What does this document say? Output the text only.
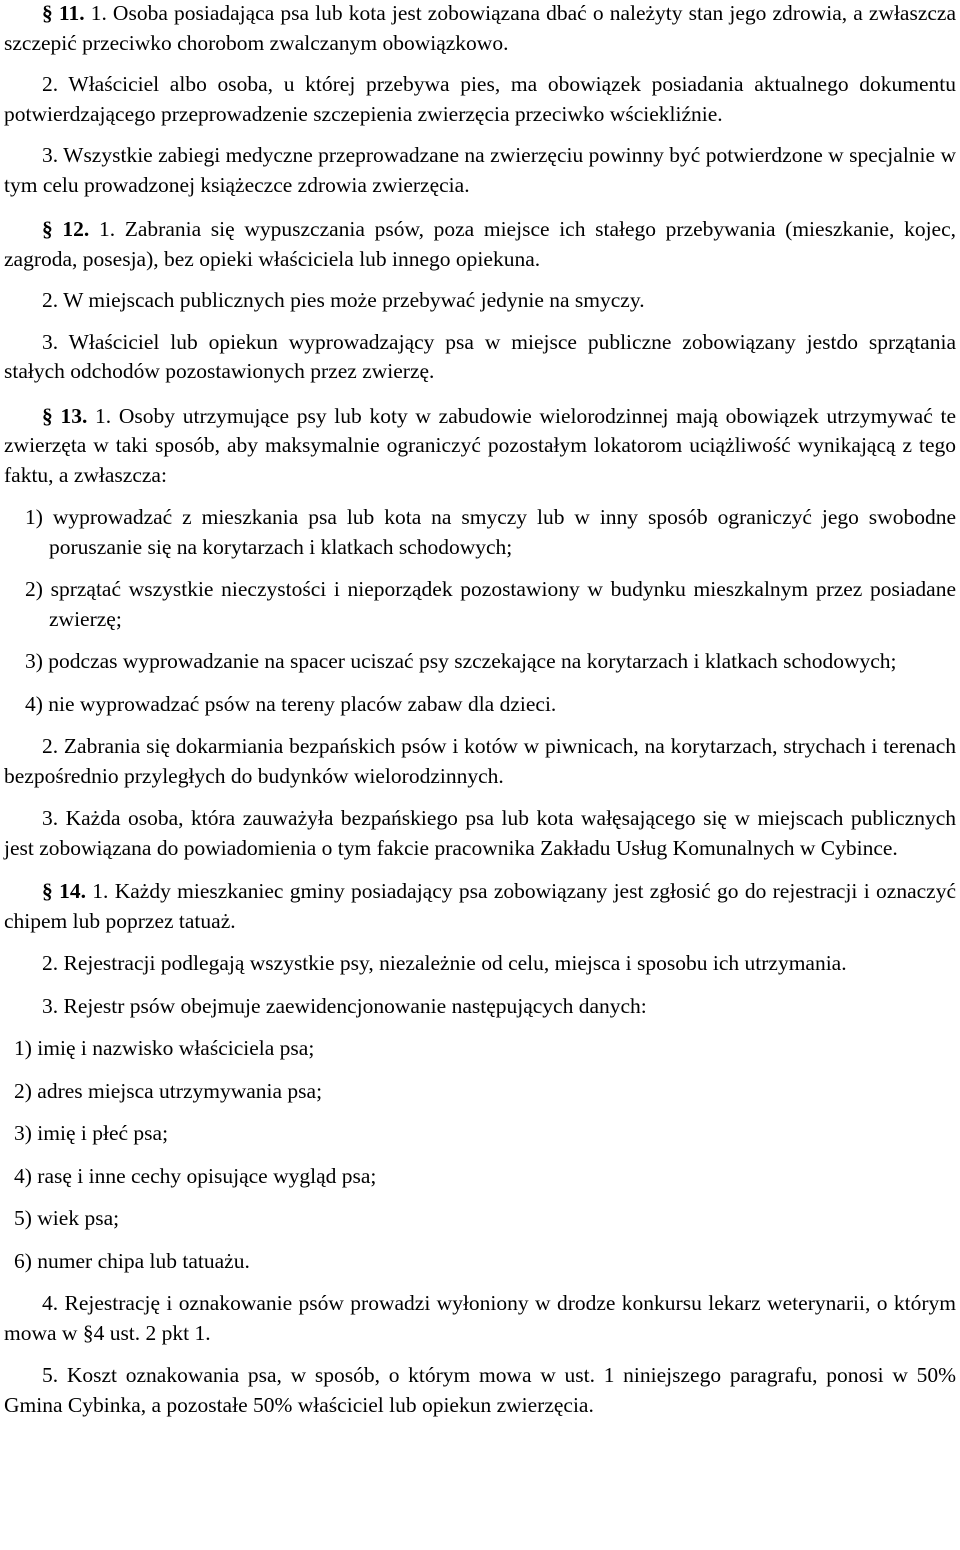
§ 11. 1. Osoba posiadająca psa lub kota jest zobowiązana dbać o należyty stan jego zdrowia, a zwłaszcza szczepić przeciwko chorobom zwalczanym obowiązkowo.

2. Właściciel albo osoba, u której przebywa pies, ma obowiązek posiadania aktualnego dokumentu potwierdzającego przeprowadzenie szczepienia zwierzęcia przeciwko wściekliźnie.

3. Wszystkie zabiegi medyczne przeprowadzane na zwierzęciu powinny być potwierdzone w specjalnie w tym celu prowadzonej książeczce zdrowia zwierzęcia.

§ 12. 1. Zabrania się wypuszczania psów, poza miejsce ich stałego przebywania (mieszkanie, kojec, zagroda, posesja), bez opieki właściciela lub innego opiekuna.

2. W miejscach publicznych pies może przebywać jedynie na smyczy.

3. Właściciel lub opiekun wyprowadzający psa w miejsce publiczne zobowiązany jestdo sprzątania stałych odchodów pozostawionych przez zwierzę.

§ 13. 1. Osoby utrzymujące psy lub koty w zabudowie wielorodzinnej mają obowiązek utrzymywać te zwierzęta w taki sposób, aby maksymalnie ograniczyć pozostałym lokatorom uciążliwość wynikającą z tego faktu, a zwłaszcza:

1) wyprowadzać z mieszkania psa lub kota na smyczy lub w inny sposób ograniczyć jego swobodne poruszanie się na korytarzach i klatkach schodowych;

2) sprzątać wszystkie nieczystości i nieporządek pozostawiony w budynku mieszkalnym przez posiadane zwierzę;

3) podczas wyprowadzanie na spacer uciszać psy szczekające na korytarzach i klatkach schodowych;

4) nie wyprowadzać psów na tereny placów zabaw dla dzieci.

2. Zabrania się dokarmiania bezpańskich psów i kotów w piwnicach, na korytarzach, strychach i terenach bezpośrednio przyległych do budynków wielorodzinnych.

3. Każda osoba, która zauważyła bezpańskiego psa lub kota wałęsającego się w miejscach publicznych jest zobowiązana do powiadomienia o tym fakcie pracownika Zakładu Usług Komunalnych w Cybince.

§ 14. 1. Każdy mieszkaniec gminy posiadający psa zobowiązany jest zgłosić go do rejestracji i oznaczyć chipem lub poprzez tatuaż.

2. Rejestracji podlegają wszystkie psy, niezależnie od celu, miejsca i sposobu ich utrzymania.

3. Rejestr psów obejmuje zaewidencjonowanie następujących danych:

1) imię i nazwisko właściciela psa;

2) adres miejsca utrzymywania psa;

3) imię i płeć psa;

4) rasę i inne cechy opisujące wygląd psa;

5) wiek psa;

6) numer chipa lub tatuażu.

4. Rejestrację i oznakowanie psów prowadzi wyłoniony w drodze konkursu lekarz weterynarii, o którym mowa w §4 ust. 2 pkt 1.

5. Koszt oznakowania psa, w sposób, o którym mowa w ust. 1 niniejszego paragrafu, ponosi w 50% Gmina Cybinka, a pozostałe 50% właściciel lub opiekun zwierzęcia.
